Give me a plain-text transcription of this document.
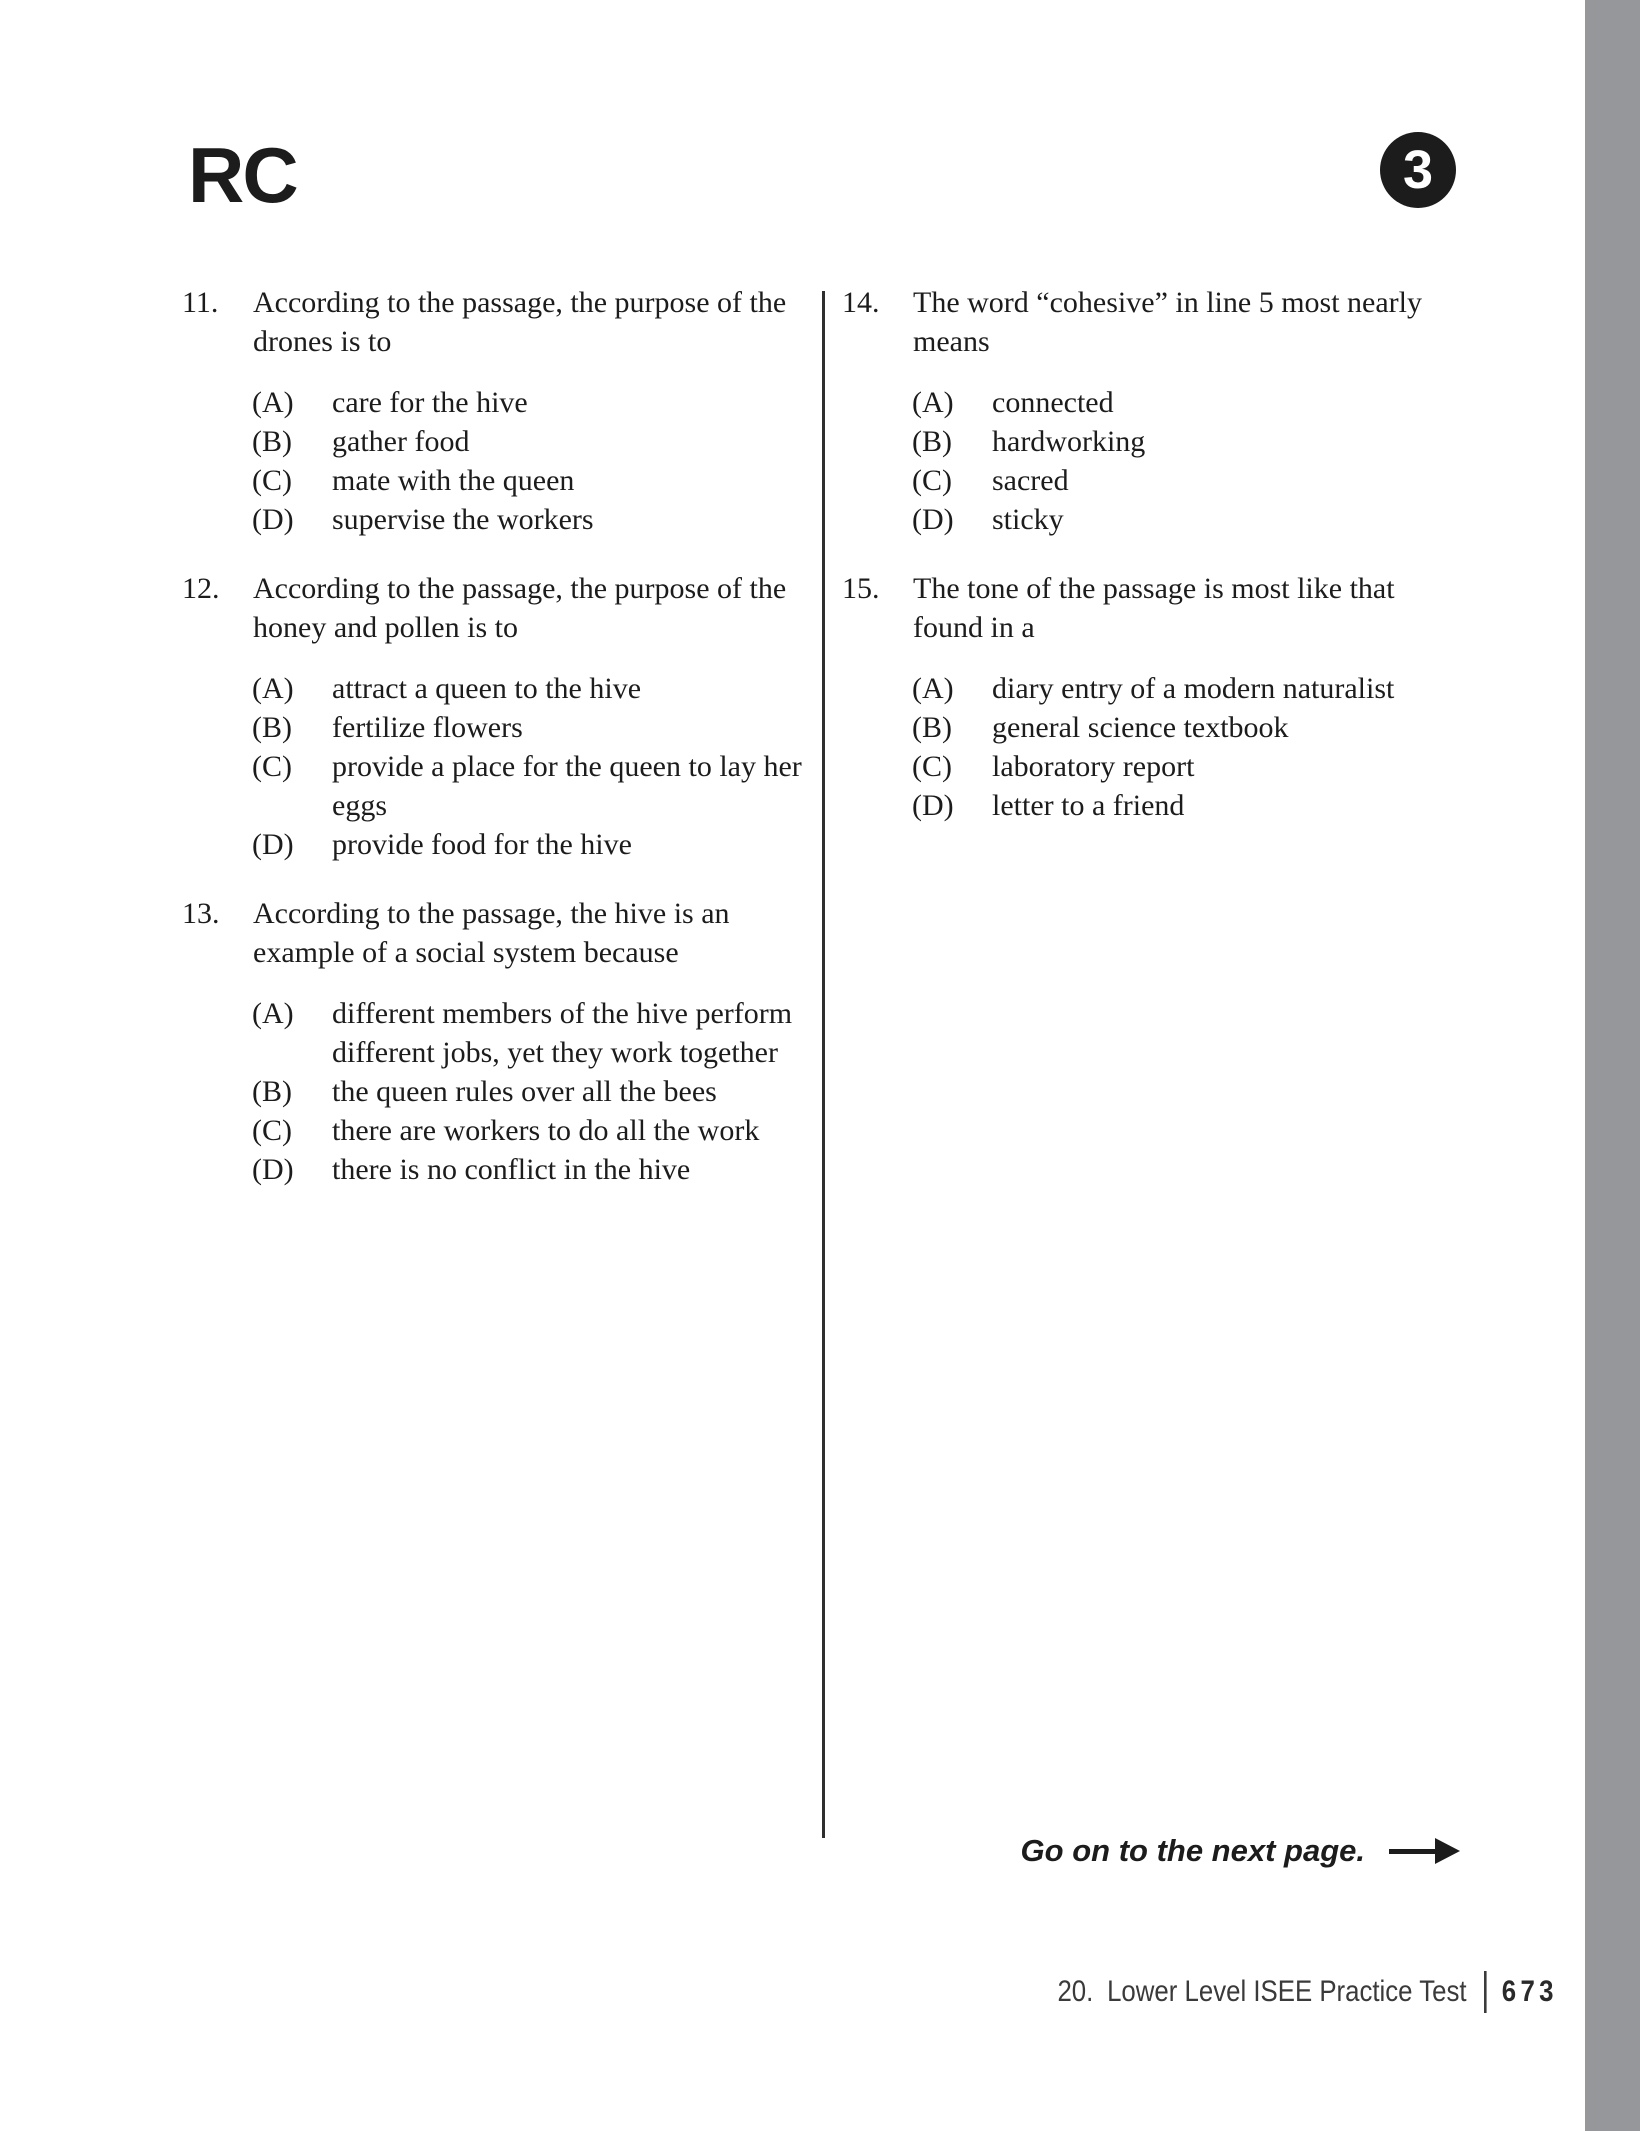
RC	3
11.	According to the passage, the purpose of the drones is to
(A)	care for the hive
(B)	gather food
(C)	mate with the queen
(D)	supervise the workers
12.	According to the passage, the purpose of the honey and pollen is to
(A)	attract a queen to the hive
(B)	fertilize flowers
(C)	provide a place for the queen to lay her eggs
(D)	provide food for the hive
13.	According to the passage, the hive is an example of a social system because
(A)	different members of the hive perform different jobs, yet they work together
(B)	the queen rules over all the bees
(C)	there are workers to do all the work
(D)	there is no conflict in the hive
14.	The word “cohesive” in line 5 most nearly means
(A)	connected
(B)	hardworking
(C)	sacred
(D)	sticky
15.	The tone of the passage is most like that found in a
(A)	diary entry of a modern naturalist
(B)	general science textbook
(C)	laboratory report
(D)	letter to a friend
Go on to the next page.
20. Lower Level ISEE Practice Test 673
